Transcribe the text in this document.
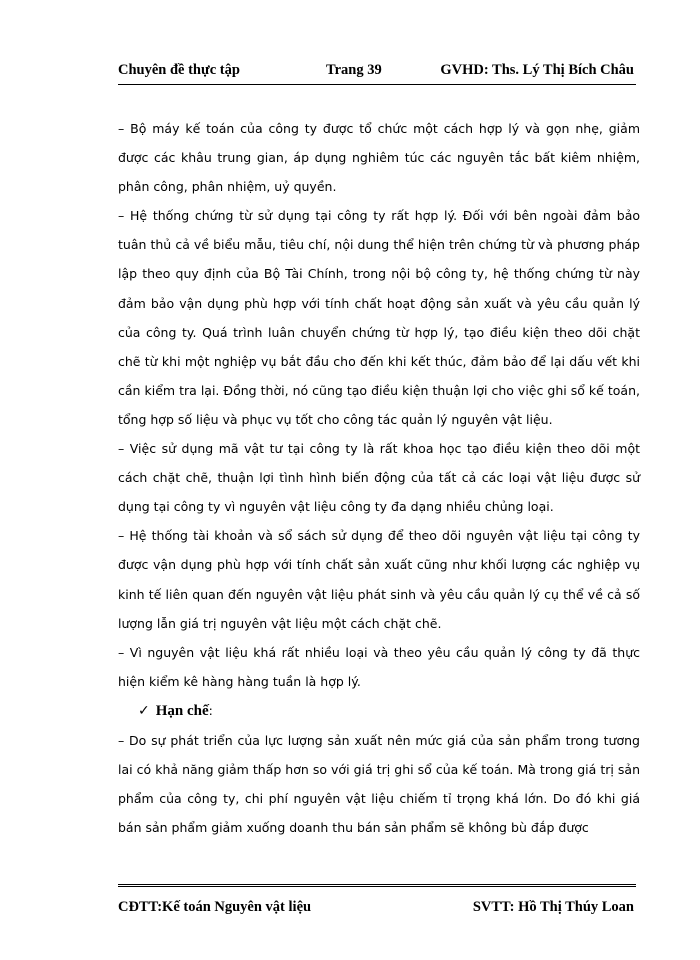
Chuyên đề thực tập	Trang 39	GVHD: Ths. Lý Thị Bích Châu

– Bộ máy kế toán của công ty được tổ chức một cách hợp lý và gọn nhẹ, giảm được các khâu trung gian, áp dụng nghiêm túc các nguyên tắc bất kiêm nhiệm, phân công, phân nhiệm, uỷ quyền.

– Hệ thống chứng từ sử dụng tại công ty rất hợp lý. Đối với bên ngoài đảm bảo tuân thủ cả về biểu mẫu, tiêu chí, nội dung thể hiện trên chứng từ và phương pháp lập theo quy định của Bộ Tài Chính, trong nội bộ công ty, hệ thống chứng từ này đảm bảo vận dụng phù hợp với tính chất hoạt động sản xuất và yêu cầu quản lý của công ty. Quá trình luân chuyển chứng từ hợp lý, tạo điều kiện theo dõi chặt chẽ từ khi một nghiệp vụ bắt đầu cho đến khi kết thúc, đảm bảo để lại dấu vết khi cần kiểm tra lại. Đồng thời, nó cũng tạo điều kiện thuận lợi cho việc ghi sổ kế toán, tổng hợp số liệu và phục vụ tốt cho công tác quản lý nguyên vật liệu.

– Việc sử dụng mã vật tư tại công ty là rất khoa học tạo điều kiện theo dõi một cách chặt chẽ, thuận lợi tình hình biến động của tất cả các loại vật liệu được sử dụng tại công ty vì nguyên vật liệu công ty đa dạng nhiều chủng loại.

– Hệ thống tài khoản và sổ sách sử dụng để theo dõi nguyên vật liệu tại công ty được vận dụng phù hợp với tính chất sản xuất cũng như khối lượng các nghiệp vụ kinh tế liên quan đến nguyên vật liệu phát sinh và yêu cầu quản lý cụ thể về cả số lượng lẫn giá trị nguyên vật liệu một cách chặt chẽ.

– Vì nguyên vật liệu khá rất nhiều loại và theo yêu cầu quản lý công ty đã thực hiện kiểm kê hàng hàng tuần là hợp lý.

✓ Hạn chế:

– Do sự phát triển của lực lượng sản xuất nên mức giá của sản phẩm trong tương lai có khả năng giảm thấp hơn so với giá trị ghi sổ của kế toán. Mà trong giá trị sản phẩm của công ty, chi phí nguyên vật liệu chiếm tỉ trọng khá lớn. Do đó khi giá bán sản phẩm giảm xuống doanh thu bán sản phẩm sẽ không bù đắp được

CĐTT:Kế toán Nguyên vật liệu	SVTT: Hồ Thị Thúy Loan
